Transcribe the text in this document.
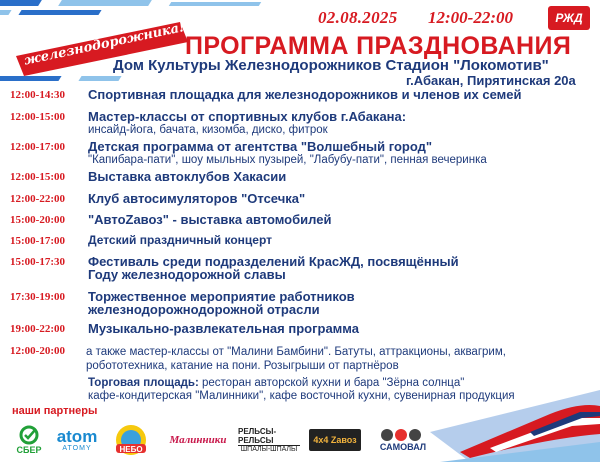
С Днем железнодорожника!
02.08.2025 12:00-22:00	РЖД
ПРОГРАММА ПРАЗДНОВАНИЯ
Дом Культуры Железнодорожников Стадион "Локомотив"
г.Абакан, Пирятинская 20а
12:00-14:30 Спортивная площадка для железнодорожников и членов их семей
12:00-15:00 Мастер-классы от спортивных клубов г.Абакана:
инсайд-йога, бачата, кизомба, диско, фитрок
12:00-17:00 Детская программа от агентства "Волшебный город"
"Капибара-пати", шоу мыльных пузырей, "Лабубу-пати", пенная вечеринка
12:00-15:00 Выставка автоклубов Хакасии
12:00-22:00 Клуб автосимуляторов "Отсечка"
15:00-20:00 "АвтоZавоз" - выставка автомобилей
15:00-17:00 Детский праздничный концерт
15:00-17:30 Фестиваль среди подразделений КрасЖД, посвящённый
Году железнодорожной славы
17:30-19:00 Торжественное мероприятие работников
железнодорожнодорожной отрасли
19:00-22:00 Музыкально-развлекательная программа
12:00-20:00 а также мастер-классы от "Малини Бамбини". Батуты, аттракционы, аквагрим,
робототехника, катание на пони. Розыгрыши от партнёров
Торговая площадь: ресторан авторской кухни и бара "Зёрна солнца"
кафе-кондитерская "Малинники", кафе восточной кухни, сувенирная продукция
наши партнеры
СБЕР
atom
ATOMY	НЕБО
Малинники
РЕЛЬСЫ-РЕЛЬСЫ
ШПАЛЫ-ШПАЛЫ
4x4 Zавоз
САМОВАЛ
